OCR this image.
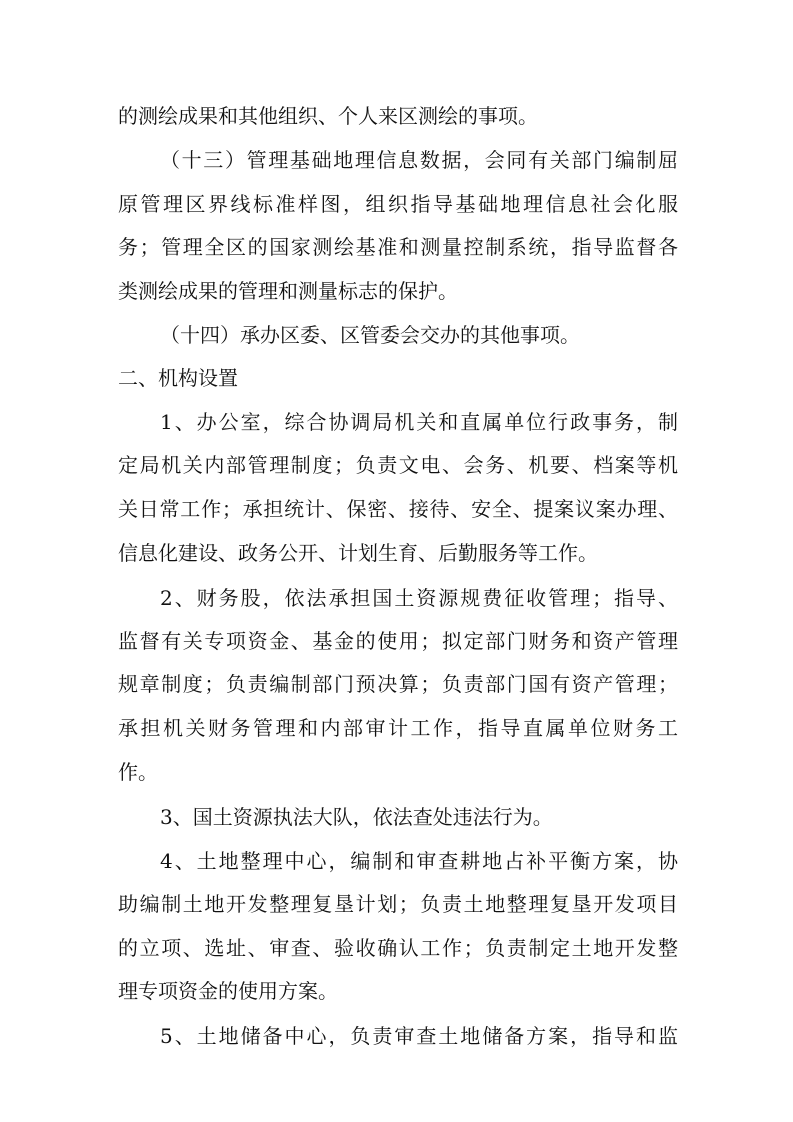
的测绘成果和其他组织、个人来区测绘的事项。
（十三）管理基础地理信息数据，会同有关部门编制屈
原管理区界线标准样图，组织指导基础地理信息社会化服
务；管理全区的国家测绘基准和测量控制系统，指导监督各
类测绘成果的管理和测量标志的保护。
（十四）承办区委、区管委会交办的其他事项。
二、机构设置
1、办公室，综合协调局机关和直属单位行政事务，制
定局机关内部管理制度；负责文电、会务、机要、档案等机
关日常工作；承担统计、保密、接待、安全、提案议案办理、
信息化建设、政务公开、计划生育、后勤服务等工作。
2、财务股，依法承担国土资源规费征收管理；指导、
监督有关专项资金、基金的使用；拟定部门财务和资产管理
规章制度；负责编制部门预决算；负责部门国有资产管理；
承担机关财务管理和内部审计工作，指导直属单位财务工
作。
3、国土资源执法大队，依法查处违法行为。
4、土地整理中心，编制和审查耕地占补平衡方案，协
助编制土地开发整理复垦计划；负责土地整理复垦开发项目
的立项、选址、审查、验收确认工作；负责制定土地开发整
理专项资金的使用方案。
5、土地储备中心，负责审查土地储备方案，指导和监
